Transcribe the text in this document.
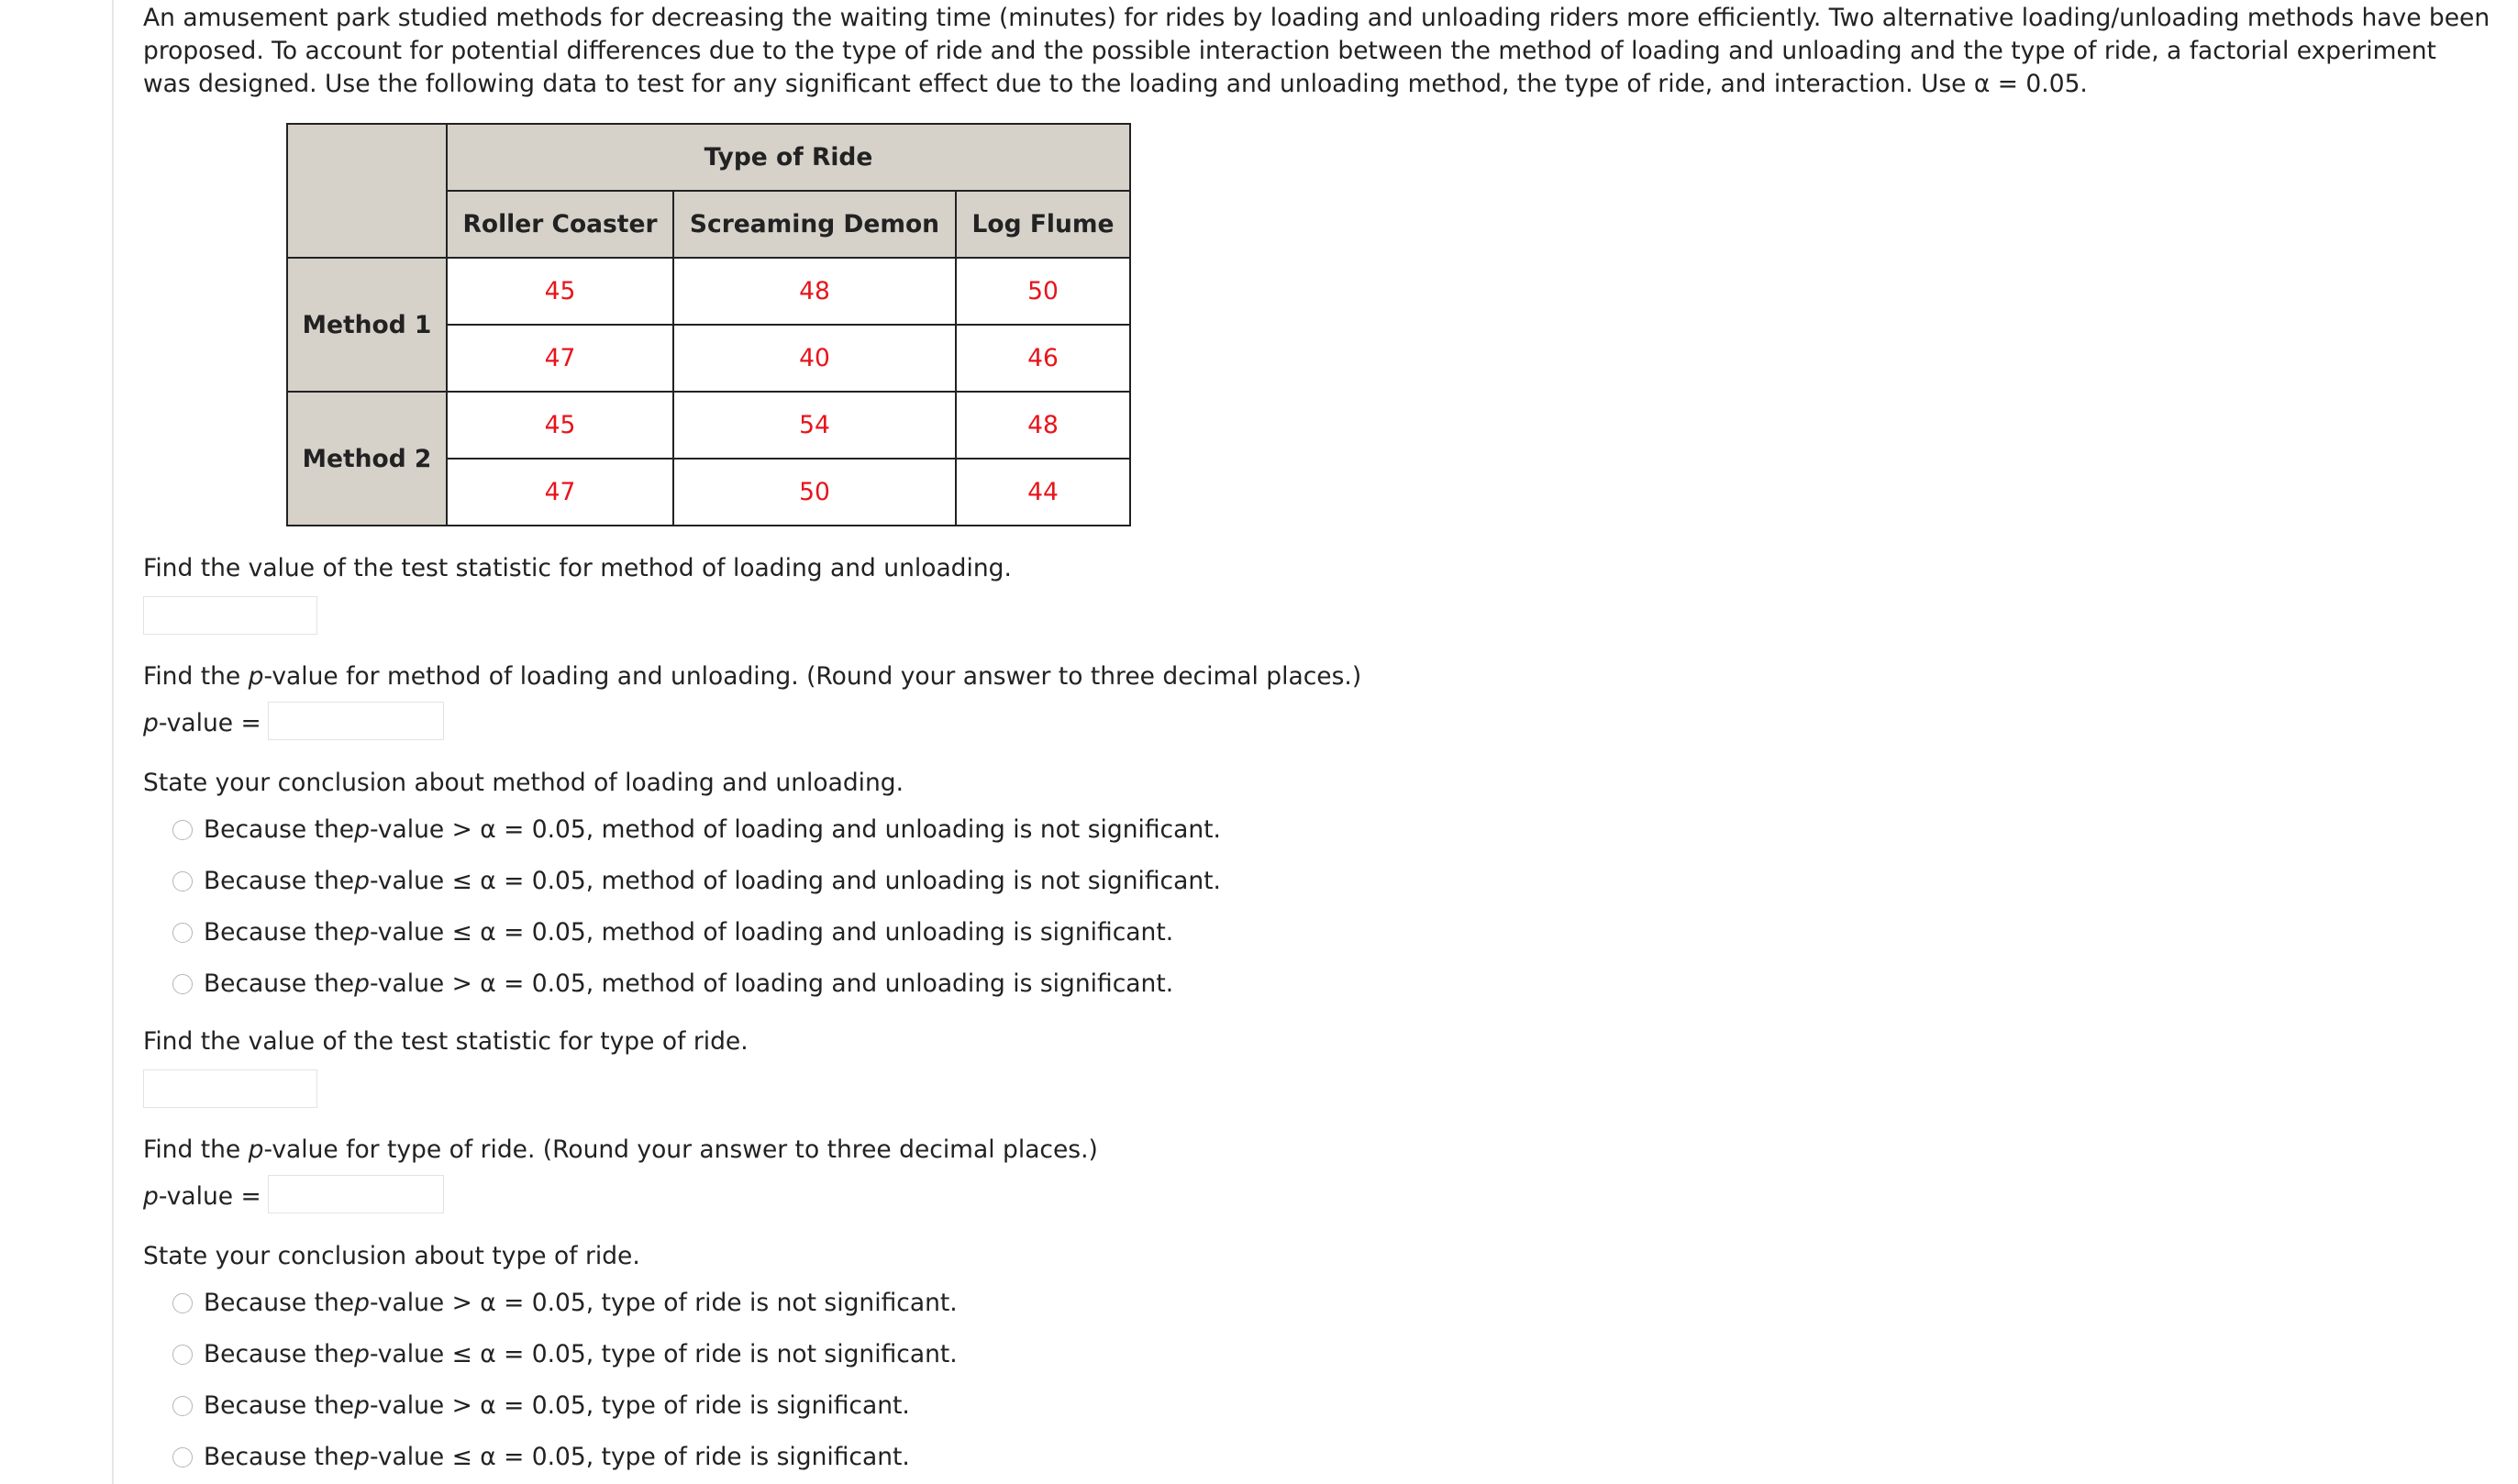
An amusement park studied methods for decreasing the waiting time (minutes) for rides by loading and unloading riders more efficiently. Two alternative loading/unloading methods have been proposed. To account for potential differences due to the type of ride and the possible interaction between the method of loading and unloading and the type of ride, a factorial experiment was designed. Use the following data to test for any significant effect due to the loading and unloading method, the type of ride, and interaction. Use α = 0.05.
	Type of Ride		
	Roller Coaster	Screaming Demon	Log Flume
Method 1	45	48	50
	47	40	46
Method 2	45	54	48
	47	50	44
Find the value of the test statistic for method of loading and unloading.
Find the p-value for method of loading and unloading. (Round your answer to three decimal places.)
p-value =
State your conclusion about method of loading and unloading.
Because the p -value > α = 0.05, method of loading and unloading is not significant.
Because the p -value ≤ α = 0.05, method of loading and unloading is not significant.
Because the p -value ≤ α = 0.05, method of loading and unloading is significant.
Because the p -value > α = 0.05, method of loading and unloading is significant.
Find the value of the test statistic for type of ride.
Find the p-value for type of ride. (Round your answer to three decimal places.)
p-value =
State your conclusion about type of ride.
Because the p -value > α = 0.05, type of ride is not significant.
Because the p -value ≤ α = 0.05, type of ride is not significant.
Because the p -value > α = 0.05, type of ride is significant.
Because the p -value ≤ α = 0.05, type of ride is significant.
